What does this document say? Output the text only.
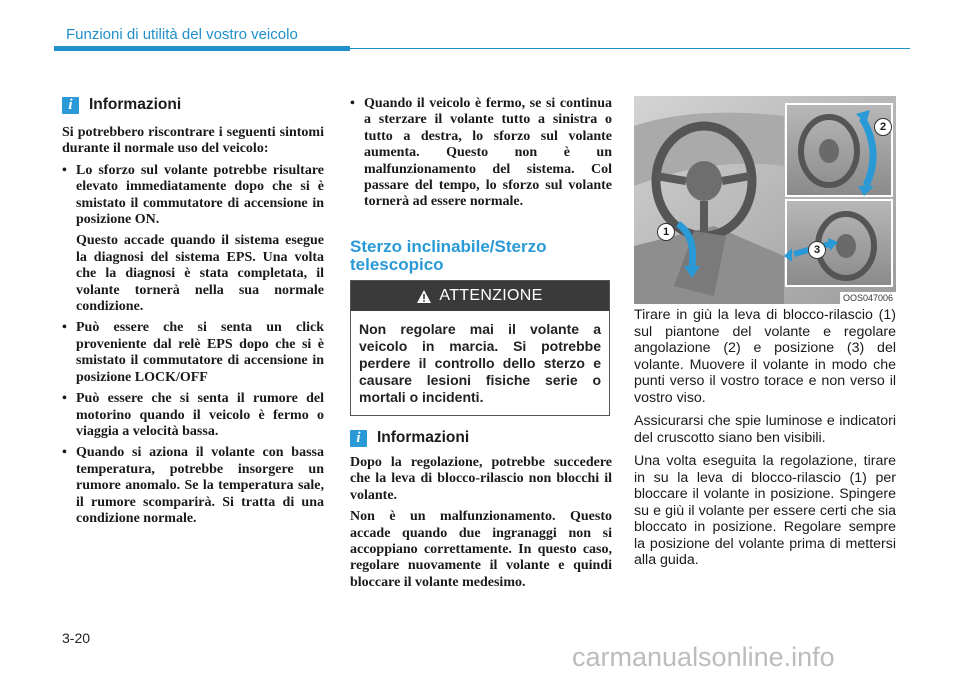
Funzioni di utilità del vostro veicolo
i	Informazioni

Si potrebbero riscontrare i seguenti sintomi durante il normale uso del veicolo:

• Lo sforzo sul volante potrebbe risultare elevato immediatamente dopo che si è smistato il commutatore di accensione in posizione ON.

Questo accade quando il sistema esegue la diagnosi del sistema EPS. Una volta che la diagnosi è stata completata, il volante tornerà nella sua normale condizione.

• Può essere che si senta un click proveniente dal relè EPS dopo che si è smistato il commutatore di accensione in posizione LOCK/OFF

• Può essere che si senta il rumore del motorino quando il veicolo è fermo o viaggia a velocità bassa.

• Quando si aziona il volante con bassa temperatura, potrebbe insorgere un rumore anomalo. Se la temperatura sale, il rumore scomparirà. Si tratta di una condizione normale.

• Quando il veicolo è fermo, se si continua a sterzare il volante tutto a sinistra o tutto a destra, lo sforzo sul volante aumenta. Questo non è un malfunzionamento del sistema. Col passare del tempo, lo sforzo sul volante tornerà ad essere normale.

Sterzo inclinabile/Sterzo telescopico
ATTENZIONE
Non regolare mai il volante a veicolo in marcia. Si potrebbe perdere il controllo dello sterzo e causare lesioni fisiche serie o mortali o incidenti.
i	Informazioni

Dopo la regolazione, potrebbe succedere che la leva di blocco-rilascio non blocchi il volante.

Non è un malfunzionamento. Questo accade quando due ingranaggi non si accoppiano correttamente. In questo caso, regolare nuovamente il volante e quindi bloccare il volante medesimo.

1
2
3
OOS047006

Tirare in giù la leva di blocco-rilascio (1) sul piantone del volante e regolare angolazione (2) e posizione (3) del volante. Muovere il volante in modo che punti verso il vostro torace e non verso il vostro viso.

Assicurarsi che spie luminose e indicatori del cruscotto siano ben visibili.

Una volta eseguita la regolazione, tirare in su la leva di blocco-rilascio (1) per bloccare il volante in posizione. Spingere su e giù il volante per essere certi che sia bloccato in posizione. Regolare sempre la posizione del volante prima di mettersi alla guida.

3-20
carmanualsonline.info
